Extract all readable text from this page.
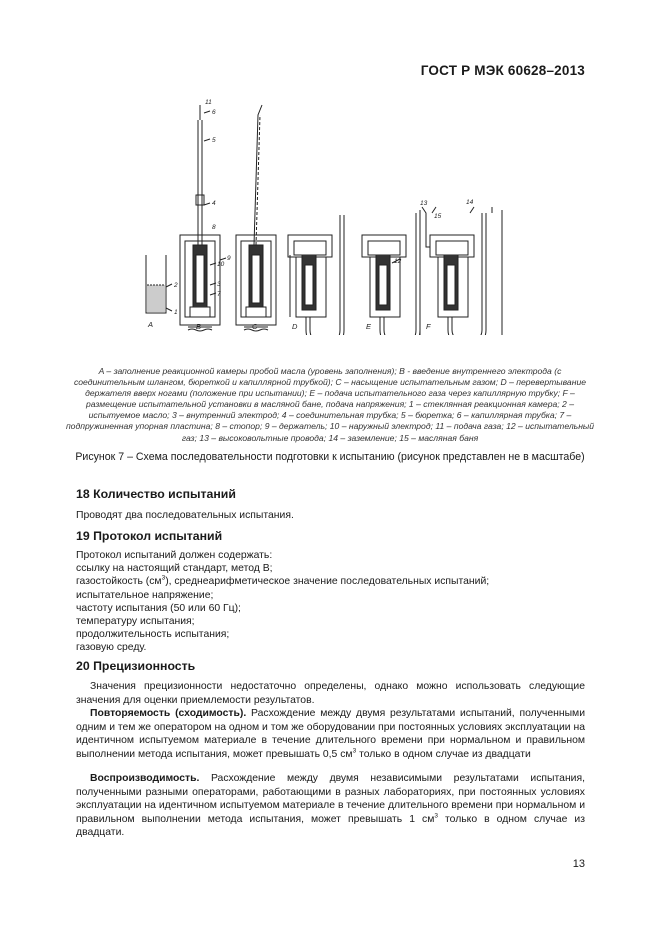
ГОСТ Р МЭК 60628–2013
A	B	C	D	E	F
1
2	3
4
5
6
7
8
9
10
11
12
13	14
15

A – заполнение реакционной камеры пробой масла (уровень заполнения); B - введение внутреннего электрода (с соединительным шлангом, бюреткой и капиллярной трубкой); C – насыщение испытательным газом; D – перевертывание держателя вверх ногами (положение при испытании); E – подача испытательного газа через капиллярную трубку; F – размещение испытательной установки в масляной бане, подача напряжения; 1 – стеклянная реакционная камера; 2 – испытуемое масло; 3 – внутренний электрод; 4 – соединительная трубка; 5 – бюретка; 6 – капиллярная трубка; 7 – подпружиненная упорная пластина; 8 – стопор; 9 – держатель; 10 – наружный электрод; 11 – подача газа; 12 – испытательный газ; 13 – высоковольтные провода; 14 – заземление; 15 – масляная баня

Рисунок 7 – Схема последовательности подготовки к испытанию (рисунок представлен не в масштабе)

18 Количество испытаний

Проводят два последовательных испытания.

19 Протокол испытаний
Протокол испытаний должен содержать:
ссылку на настоящий стандарт, метод B;
газостойкость $(см^3)$, среднеарифметическое значение последовательных испытаний;
испытательное напряжение;
частоту испытания (50 или 60 Гц);
температуру испытания;
продолжительность испытания;
газовую среду.
20 Прецизионность

Значения прецизионности недостаточно определены, однако можно использовать следующие значения для оценки приемлемости результатов.

Повторяемость (сходимость). Расхождение между двумя результатами испытаний, полученными одним и тем же оператором на одном и том же оборудовании при постоянных условиях эксплуатации на идентичном испытуемом материале в течение длительного времени при нормальном и правильном выполнении метода испытания, может превышать 0,5 $см^3$ только в одном случае из двадцати

Воспроизводимость. Расхождение между двумя независимыми результатами испытания, полученными разными операторами, работающими в разных лабораториях, при постоянных условиях эксплуатации на идентичном испытуемом материале в течение длительного времени при нормальном и правильном выполнении метода испытания, может превышать 1 $см^3$ только в одном случае из двадцати.

13
